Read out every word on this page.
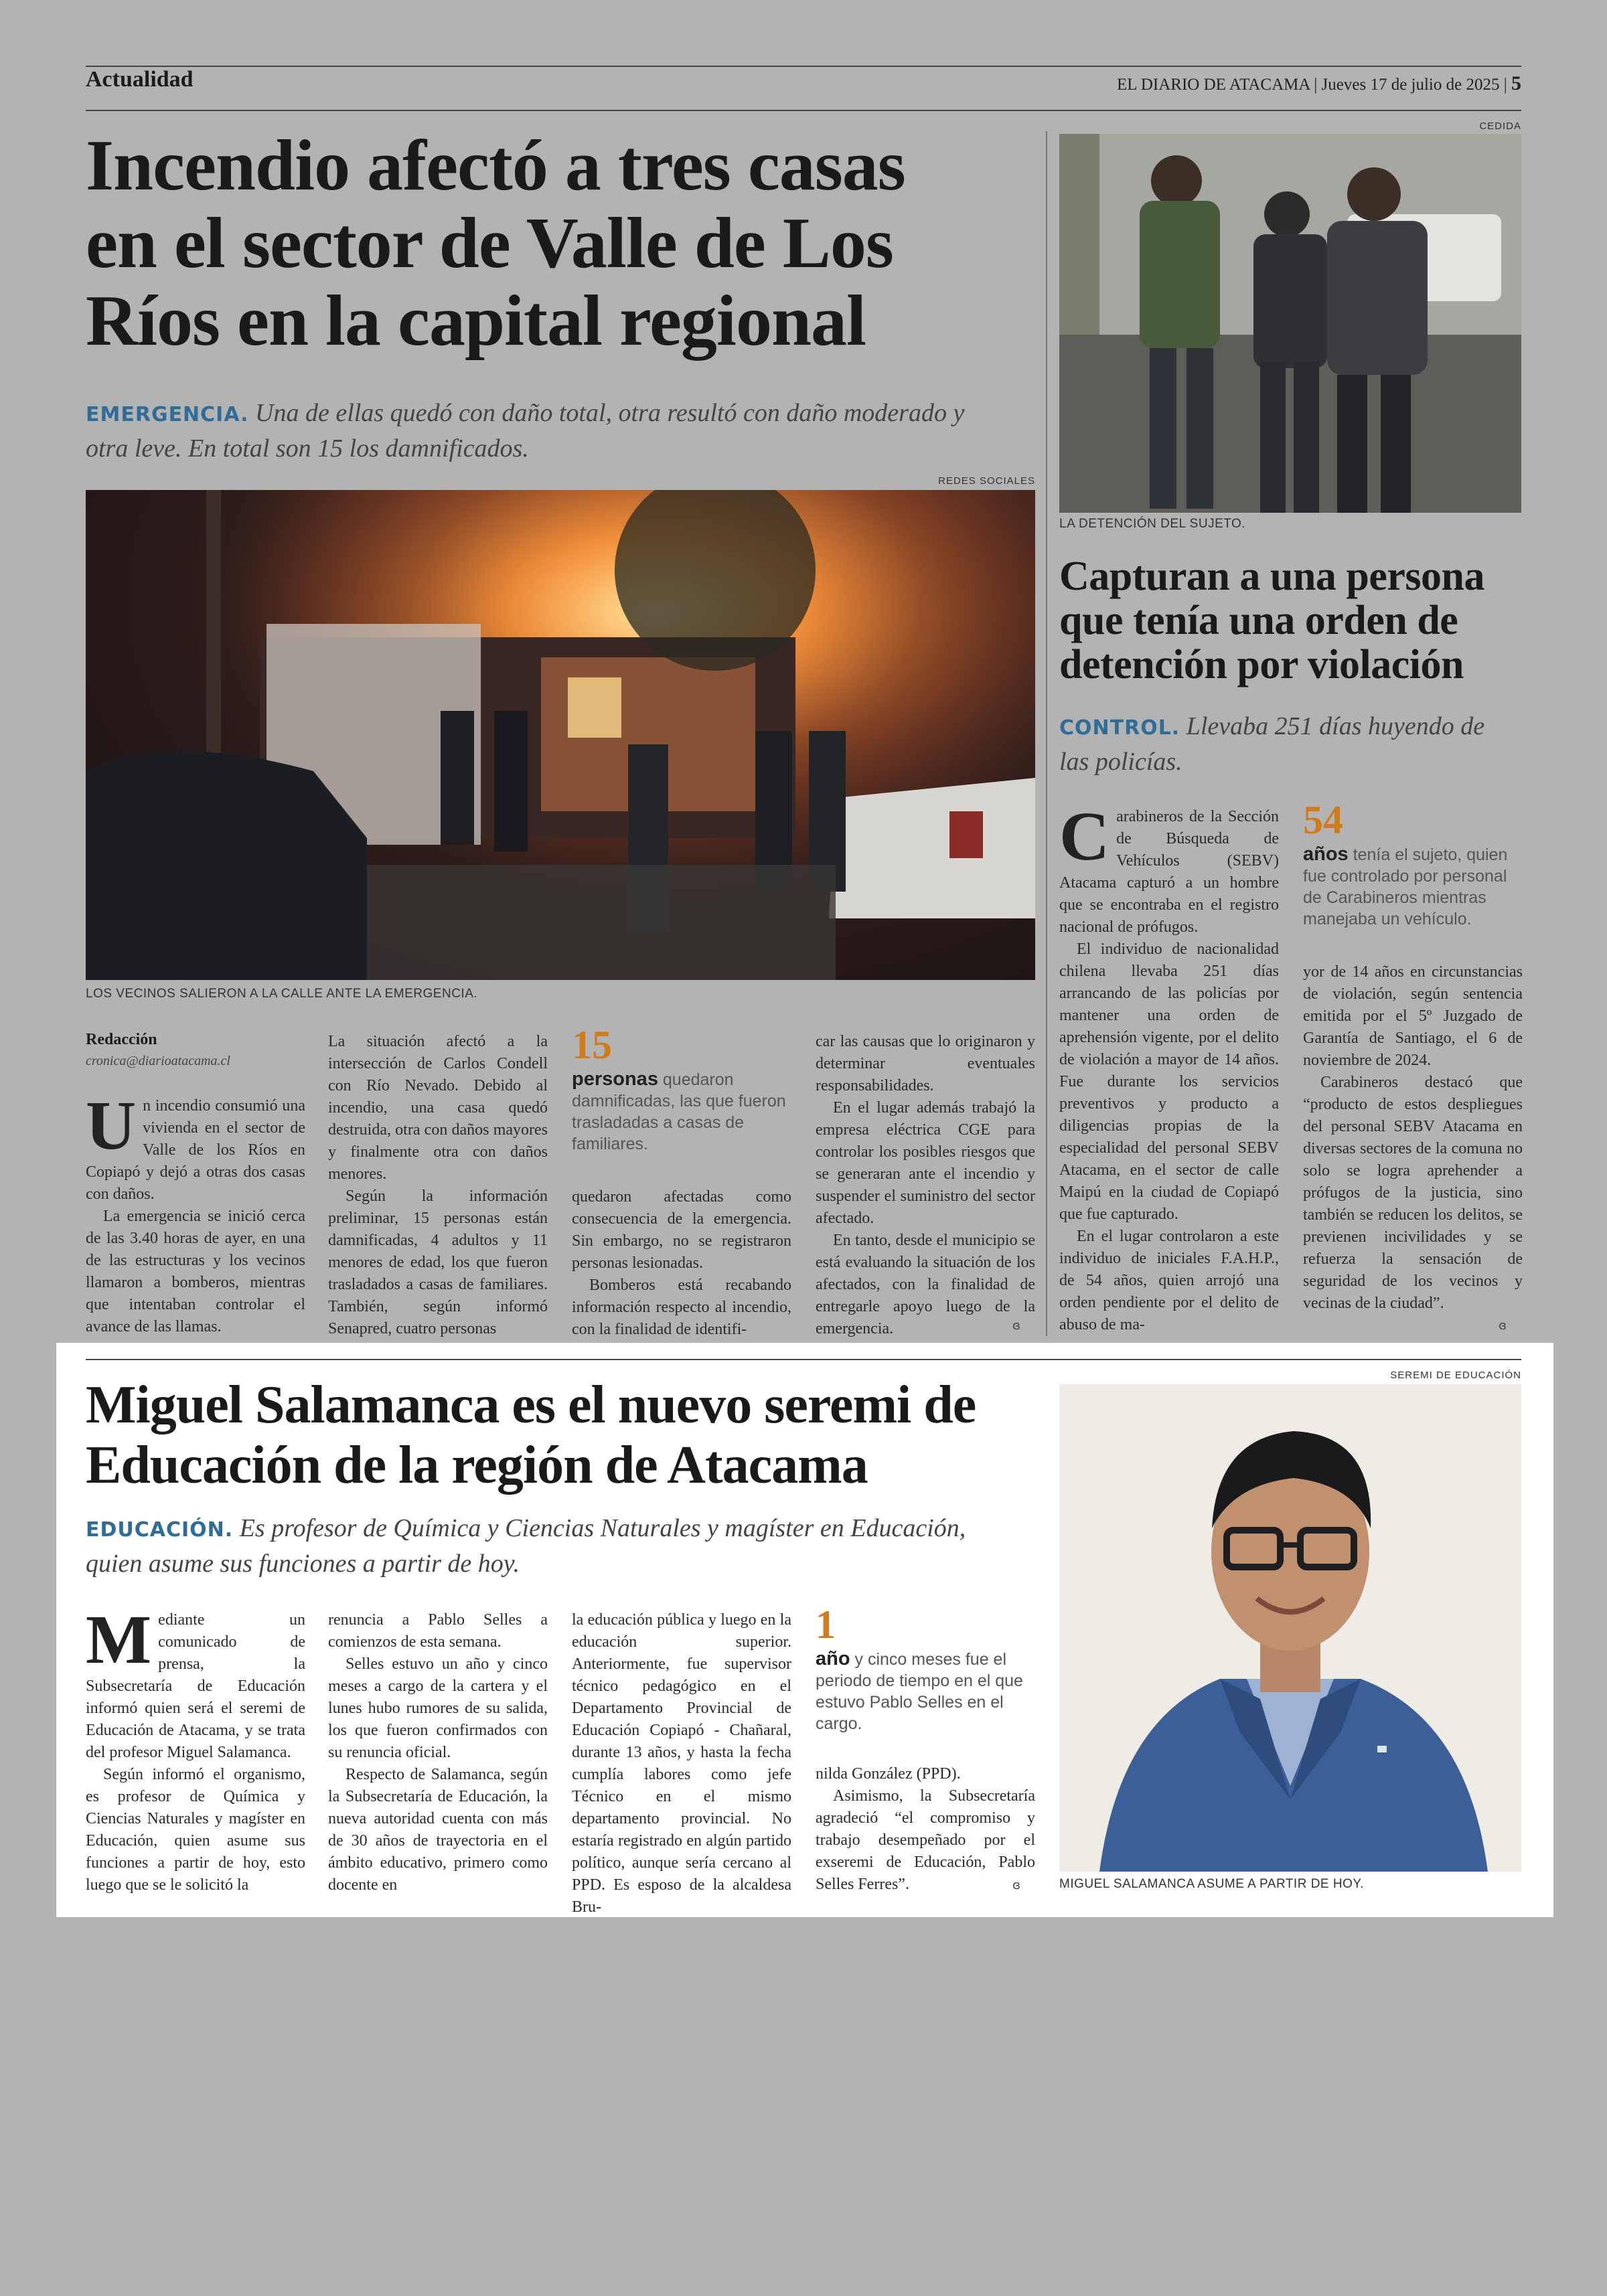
Actualidad	EL DIARIO DE ATACAMA | Jueves 17 de julio de 2025 | 5
Incendio afectó a tres casas
en el sector de Valle de Los
Ríos en la capital regional
EMERGENCIA. Una de ellas quedó con daño total, otra resultó con daño moderado y
otra leve. En total son 15 los damnificados.
REDES SOCIALES
LOS VECINOS SALIERON A LA CALLE ANTE LA EMERGENCIA.
Redacción
cronica@diarioatacama.cl
U n incendio consumió una vivienda en el sector de Valle de los Ríos en Copiapó y dejó a otras dos casas con daños.

La emergencia se inició cerca de las 3.40 horas de ayer, en una de las estructuras y los vecinos llamaron a bomberos, mientras que intentaban controlar el avance de las llamas.

La situación afectó a la intersección de Carlos Condell con Río Nevado. Debido al incendio, una casa quedó destruida, otra con daños mayores y finalmente otra con daños menores.

Según la información preliminar, 15 personas están damnificadas, 4 adultos y 11 menores de edad, los que fueron trasladados a casas de familiares. También, según informó Senapred, cuatro personas

15
personas quedaron damnificadas, las que fueron trasladadas a casas de familiares.

quedaron afectadas como consecuencia de la emergencia. Sin embargo, no se registraron personas lesionadas.

Bomberos está recabando información respecto al incendio, con la finalidad de identifi-

car las causas que lo originaron y determinar eventuales responsabilidades.

En el lugar además trabajó la empresa eléctrica CGE para controlar los posibles riesgos que se generaran ante el incendio y suspender el suministro del sector afectado.

En tanto, desde el municipio se está evaluando la situación de los afectados, con la finalidad de entregarle apoyo luego de la emergencia.	ɞ
CEDIDA
LA DETENCIÓN DEL SUJETO.
Capturan a una persona
que tenía una orden de
detención por violación
CONTROL. Llevaba 251 días huyendo de
las policías.
C arabineros de la Sección de Búsqueda de Vehículos (SEBV) Atacama capturó a un hombre que se encontraba en el registro nacional de prófugos.

El individuo de nacionalidad chilena llevaba 251 días arrancando de las policías por mantener una orden de aprehensión vigente, por el delito de violación a mayor de 14 años. Fue durante los servicios preventivos y producto a diligencias propias de la especialidad del personal SEBV Atacama, en el sector de calle Maipú en la ciudad de Copiapó que fue capturado.

En el lugar controlaron a este individuo de iniciales F.A.H.P., de 54 años, quien arrojó una orden pendiente por el delito de abuso de ma-

54
años tenía el sujeto, quien fue controlado por personal de Carabineros mientras manejaba un vehículo.

yor de 14 años en circunstancias de violación, según sentencia emitida por el 5º Juzgado de Garantía de Santiago, el 6 de noviembre de 2024.

Carabineros destacó que “producto de estos despliegues del personal SEBV Atacama en diversas sectores de la comuna no solo se logra aprehender a prófugos de la justicia, sino también se reducen los delitos, se previenen incivilidades y se refuerza la sensación de seguridad de los vecinos y vecinas de la ciudad”.

ɞ
SEREMI DE EDUCACIÓN
Miguel Salamanca es el nuevo seremi de
Educación de la región de Atacama
EDUCACIÓN. Es profesor de Química y Ciencias Naturales y magíster en Educación,
quien asume sus funciones a partir de hoy.
M ediante un comunicado de prensa, la Subsecretaría de Educación informó quien será el seremi de Educación de Atacama, y se trata del profesor Miguel Salamanca.

Según informó el organismo, es profesor de Química y Ciencias Naturales y magíster en Educación, quien asume sus funciones a partir de hoy, esto luego que se le solicitó la

renuncia a Pablo Selles a comienzos de esta semana.

Selles estuvo un año y cinco meses a cargo de la cartera y el lunes hubo rumores de su salida, los que fueron confirmados con su renuncia oficial.

Respecto de Salamanca, según la Subsecretaría de Educación, la nueva autoridad cuenta con más de 30 años de trayectoria en el ámbito educativo, primero como docente en

la educación pública y luego en la educación superior. Anteriormente, fue supervisor técnico pedagógico en el Departamento Provincial de Educación Copiapó - Chañaral, durante 13 años, y hasta la fecha cumplía labores como jefe Técnico en el mismo departamento provincial. No estaría registrado en algún partido político, aunque sería cercano al PPD. Es esposo de la alcaldesa Bru-

1
año y cinco meses fue el periodo de tiempo en el que estuvo Pablo Selles en el cargo.

nilda González (PPD).

Asimismo, la Subsecretaría agradeció “el compromiso y trabajo desempeñado por el exseremi de Educación, Pablo Selles Ferres”.	ɞ	MIGUEL SALAMANCA ASUME A PARTIR DE HOY.
